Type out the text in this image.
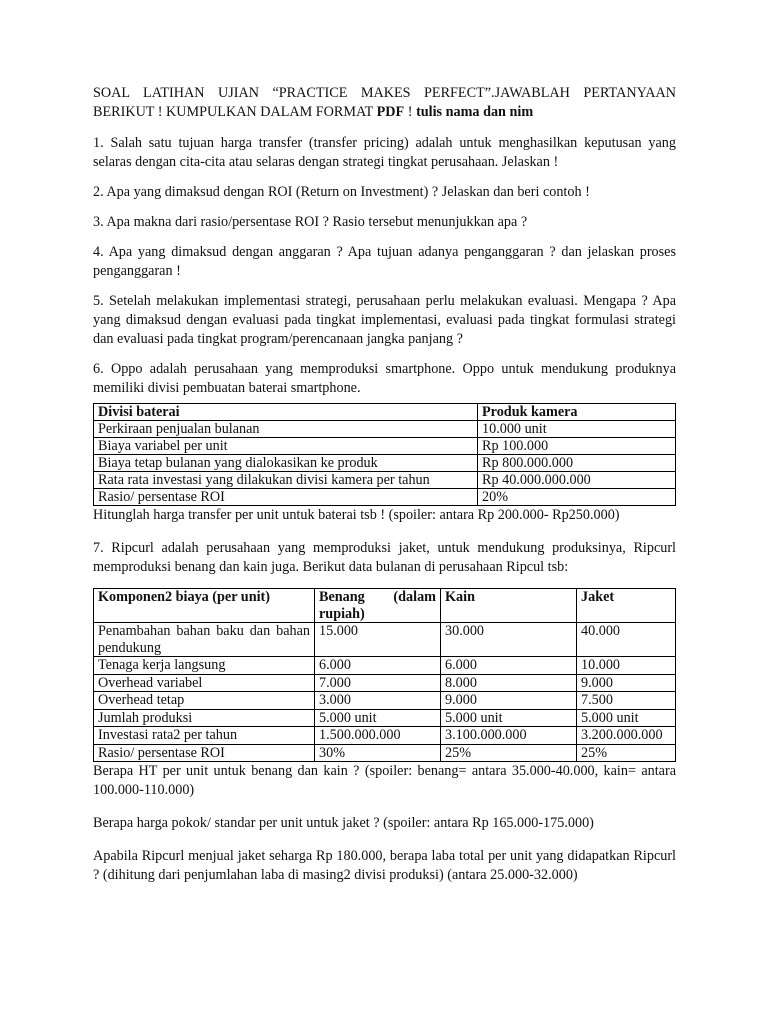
SOAL LATIHAN UJIAN “PRACTICE MAKES PERFECT”.JAWABLAH PERTANYAAN BERIKUT ! KUMPULKAN DALAM FORMAT PDF ! tulis nama dan nim

1. Salah satu tujuan harga transfer (transfer pricing) adalah untuk menghasilkan keputusan yang selaras dengan cita-cita atau selaras dengan strategi tingkat perusahaan. Jelaskan !

2. Apa yang dimaksud dengan ROI (Return on Investment) ? Jelaskan dan beri contoh !

3. Apa makna dari rasio/persentase ROI ? Rasio tersebut menunjukkan apa ?

4. Apa yang dimaksud dengan anggaran ? Apa tujuan adanya penganggaran ? dan jelaskan proses penganggaran !

5. Setelah melakukan implementasi strategi, perusahaan perlu melakukan evaluasi. Mengapa ? Apa yang dimaksud dengan evaluasi pada tingkat implementasi, evaluasi pada tingkat formulasi strategi dan evaluasi pada tingkat program/perencanaan jangka panjang ?

6. Oppo adalah perusahaan yang memproduksi smartphone. Oppo untuk mendukung produknya memiliki divisi pembuatan baterai smartphone.

Divisi baterai	Produk kamera
Perkiraan penjualan bulanan	10.000 unit
Biaya variabel per unit	Rp 100.000
Biaya tetap bulanan yang dialokasikan ke produk	Rp 800.000.000
Rata rata investasi yang dilakukan divisi kamera per tahun	Rp 40.000.000.000
Rasio/ persentase ROI	20%

Hitunglah harga transfer per unit untuk baterai tsb ! (spoiler: antara Rp 200.000- Rp250.000)

7. Ripcurl adalah perusahaan yang memproduksi jaket, untuk mendukung produksinya, Ripcurl memproduksi benang dan kain juga. Berikut data bulanan di perusahaan Ripcul tsb:

Komponen2 biaya (per unit)	Benang (dalam rupiah)	Kain	Jaket
Penambahan bahan baku dan bahan pendukung	15.000	30.000	40.000
Tenaga kerja langsung	6.000	6.000	10.000
Overhead variabel	7.000	8.000	9.000
Overhead tetap	3.000	9.000	7.500
Jumlah produksi	5.000 unit	5.000 unit	5.000 unit
Investasi rata2 per tahun	1.500.000.000	3.100.000.000	3.200.000.000
Rasio/ persentase ROI	30%	25%	25%

Berapa HT per unit untuk benang dan kain ? (spoiler: benang= antara 35.000-40.000, kain= antara 100.000-110.000)

Berapa harga pokok/ standar per unit untuk jaket ? (spoiler: antara Rp 165.000-175.000)

Apabila Ripcurl menjual jaket seharga Rp 180.000, berapa laba total per unit yang didapatkan Ripcurl ? (dihitung dari penjumlahan laba di masing2 divisi produksi) (antara 25.000-32.000)
